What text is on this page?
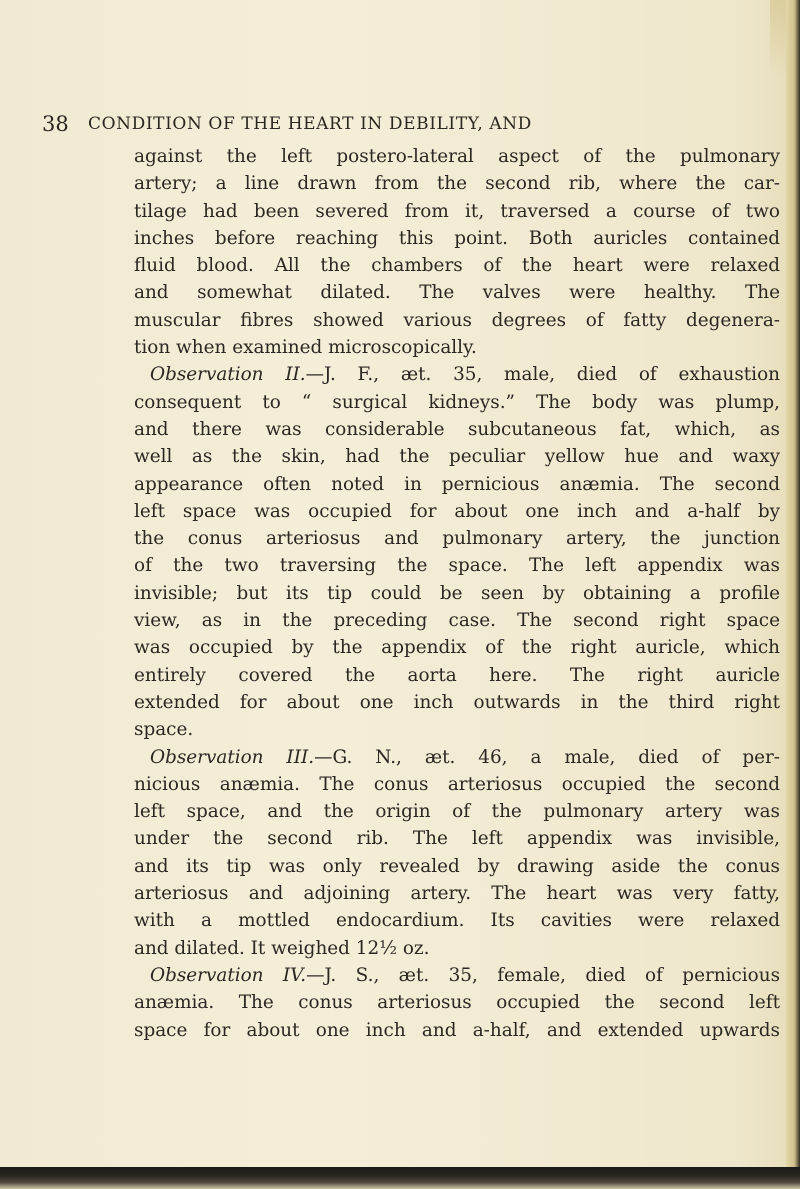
38 CONDITION OF THE HEART IN DEBILITY, AND
against the left postero-lateral aspect of the pulmonary
artery; a line drawn from the second rib, where the car-
tilage had been severed from it, traversed a course of two
inches before reaching this point. Both auricles contained
fluid blood. All the chambers of the heart were relaxed
and somewhat dilated. The valves were healthy. The
muscular fibres showed various degrees of fatty degenera-
tion when examined microscopically.
Observation II.—J. F., æt. 35, male, died of exhaustion
consequent to “ surgical kidneys.” The body was plump,
and there was considerable subcutaneous fat, which, as
well as the skin, had the peculiar yellow hue and waxy
appearance often noted in pernicious anæmia. The second
left space was occupied for about one inch and a-half by
the conus arteriosus and pulmonary artery, the junction
of the two traversing the space. The left appendix was
invisible; but its tip could be seen by obtaining a profile
view, as in the preceding case. The second right space
was occupied by the appendix of the right auricle, which
entirely covered the aorta here. The right auricle
extended for about one inch outwards in the third right
space.
Observation III.—G. N., æt. 46, a male, died of per-
nicious anæmia. The conus arteriosus occupied the second
left space, and the origin of the pulmonary artery was
under the second rib. The left appendix was invisible,
and its tip was only revealed by drawing aside the conus
arteriosus and adjoining artery. The heart was very fatty,
with a mottled endocardium. Its cavities were relaxed
and dilated. It weighed 12½ oz.
Observation IV.—J. S., æt. 35, female, died of pernicious
anæmia. The conus arteriosus occupied the second left
space for about one inch and a-half, and extended upwards
